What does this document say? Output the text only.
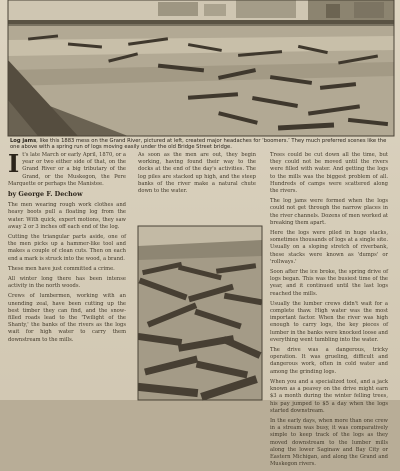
Log jams, like this 1883 mess on the Grand River, pictured at left, created major headaches for ‘boomers.’ They much preferred scenes like the one above with a spring run of logs moving easily under the old Bridge Street bridge.
I t's late March or early April, 1870, or a year or two either side of that, on the Grand River or a big tributary of the Grand, or the Muskegon, the Pere Marquette or perhaps the Manistee.

by George F. Dechow

The men wearing rough work clothes and heavy boots pull a floating log from the water. With quick, expert motions, they saw away 2 or 3 inches off each end of the log.

Cutting the triangular parts aside, one of the men picks up a hammer-like tool and makes a couple of clean cuts. Then on each end a mark is struck into the wood, a brand.

These men have just committed a crime.

All winter long there has been intense activity in the north woods.

Crews of lumbermen, working with an unending zeal, have been cutting up the best timber they can find, and the snow-filled roads lead to the 'Twilight of the Shanty,' the banks of the rivers as the logs wait for high water to carry them downstream to the mills.

As soon as the men are out, they begin working, having found their way to the docks at the end of the day's activities. The log piles are stacked up high, and the steep banks of the river make a natural chute down to the water.

Trees could be cut down all the time, but they could not be moved until the rivers were filled with water. And getting the logs to the mills was the biggest problem of all. Hundreds of camps were scattered along the rivers.

The log jams were formed when the logs could not get through the narrow places in the river channels. Dozens of men worked at breaking them apart.

Here the logs were piled in huge stacks, sometimes thousands of logs at a single site. Usually on a sloping stretch of riverbank, these stacks were known as 'dumps' or 'rollways.'

Soon after the ice broke, the spring drive of logs began. This was the busiest time of the year, and it continued until the last logs reached the mills.

Usually the lumber crews didn't wait for a complete thaw. High water was the most important factor. When the river was high enough to carry logs, the key pieces of lumber in the banks were knocked loose and everything went tumbling into the water.

The drive was a dangerous, tricky operation. It was grueling, difficult and dangerous work, often in cold water and among the grinding logs.

When you and a specialized tool, and a jack known as a peavey on the drive might earn $3 a month during the winter felling trees, his pay jumped to $5 a day when the logs started downstream.

In the early days, when more than one crew in a stream was busy, it was comparatively simple to keep track of the logs as they moved downstream to the lumber mills along the lower Saginaw and Bay City or Eastern Michigan, and along the Grand and Muskegon rivers.
